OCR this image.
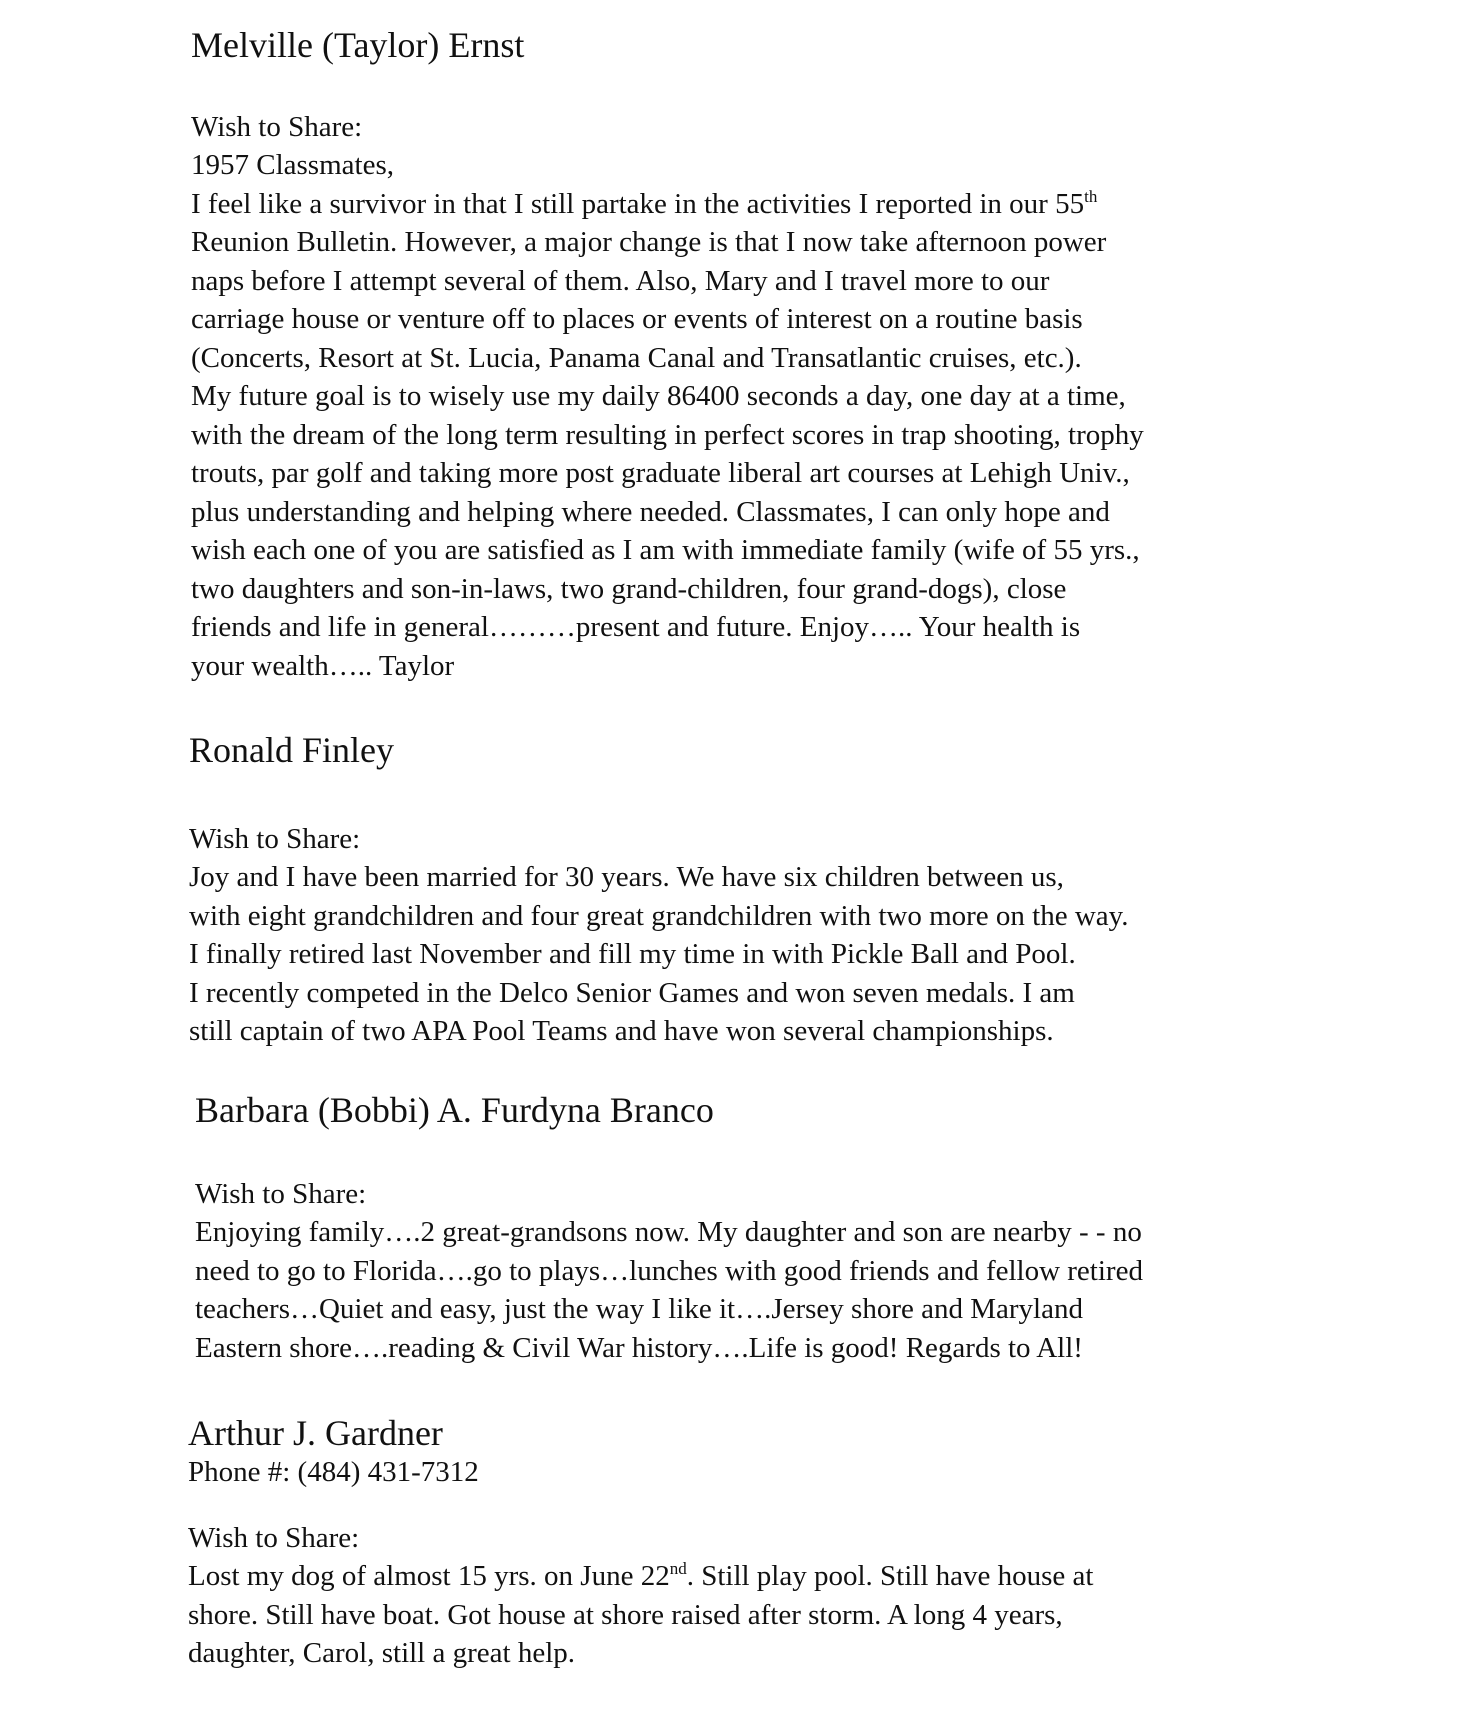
Melville (Taylor) Ernst

Wish to Share:

1957 Classmates,

I feel like a survivor in that I still partake in the activities I reported in our 55th

Reunion Bulletin. However, a major change is that I now take afternoon power

naps before I attempt several of them. Also, Mary and I travel more to our

carriage house or venture off to places or events of interest on a routine basis

(Concerts, Resort at St. Lucia, Panama Canal and Transatlantic cruises, etc.).

My future goal is to wisely use my daily 86400 seconds a day, one day at a time,

with the dream of the long term resulting in perfect scores in trap shooting, trophy

trouts, par golf and taking more post graduate liberal art courses at Lehigh Univ.,

plus understanding and helping where needed. Classmates, I can only hope and

wish each one of you are satisfied as I am with immediate family (wife of 55 yrs.,

two daughters and son-in-laws, two grand-children, four grand-dogs), close

friends and life in general………present and future. Enjoy….. Your health is

your wealth….. Taylor

Ronald Finley

Wish to Share:

Joy and I have been married for 30 years. We have six children between us,

with eight grandchildren and four great grandchildren with two more on the way.

I finally retired last November and fill my time in with Pickle Ball and Pool.

I recently competed in the Delco Senior Games and won seven medals. I am

still captain of two APA Pool Teams and have won several championships.

Barbara (Bobbi) A. Furdyna Branco

Wish to Share:

Enjoying family….2 great-grandsons now. My daughter and son are nearby - - no

need to go to Florida….go to plays…lunches with good friends and fellow retired

teachers…Quiet and easy, just the way I like it….Jersey shore and Maryland

Eastern shore….reading & Civil War history….Life is good! Regards to All!

Arthur J. Gardner

Phone #: (484) 431-7312

Wish to Share:

Lost my dog of almost 15 yrs. on June 22nd. Still play pool. Still have house at

shore. Still have boat. Got house at shore raised after storm. A long 4 years,

daughter, Carol, still a great help.
